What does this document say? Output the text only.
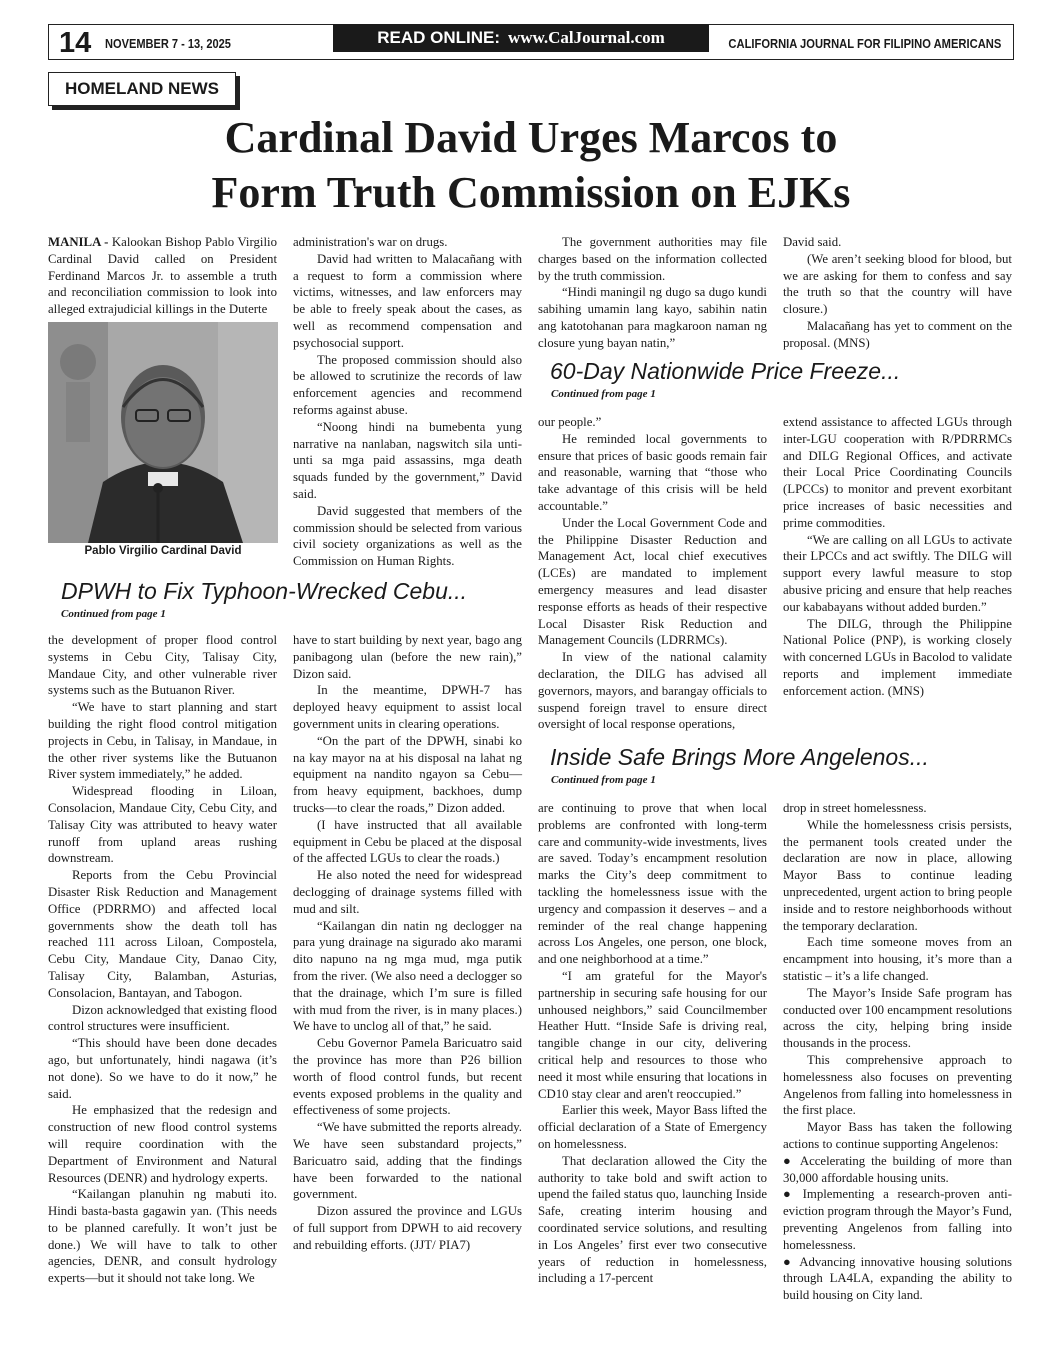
14 NOVEMBER 7 - 13, 2025	READ ONLINE: www.CalJournal.com	CALIFORNIA JOURNAL FOR FILIPINO AMERICANS
HOMELAND NEWS
Cardinal David Urges Marcos to
Form Truth Commission on EJKs

MANILA - Kalookan Bishop Pablo Virgilio Cardinal David called on President Ferdinand Marcos Jr. to assemble a truth and reconciliation commission to look into alleged extrajudicial killings in the Duterte

Pablo Virgilio Cardinal David

administration's war on drugs.

David had written to Malacañang with a request to form a commission where victims, witnesses, and law enforcers may be able to freely speak about the cases, as well as recommend compensation and psychosocial support.

The proposed commission should also be allowed to scrutinize the records of law enforcement agencies and recommend reforms against abuse.

“Noong hindi na bumebenta yung narrative na nanlaban, nagswitch sila unti-unti sa mga paid assassins, mga death squads funded by the government,” David said.

David suggested that members of the commission should be selected from various civil society organizations as well as the Commission on Human Rights.

The government authorities may file charges based on the information collected by the truth commission.

“Hindi maningil ng dugo sa dugo kundi sabihing umamin lang kayo, sabihin natin ang katotohanan para magkaroon naman ng closure yung bayan natin,”

David said.

(We aren’t seeking blood for blood, but we are asking for them to confess and say the truth so that the country will have closure.)

Malacañang has yet to comment on the proposal. (MNS)

60-Day Nationwide Price Freeze...
Continued from page 1

our people.”

He reminded local governments to ensure that prices of basic goods remain fair and reasonable, warning that “those who take advantage of this crisis will be held accountable.”

Under the Local Government Code and the Philippine Disaster Reduction and Management Act, local chief executives (LCEs) are mandated to implement emergency measures and lead disaster response efforts as heads of their respective Local Disaster Risk Reduction and Management Councils (LDRRMCs).

In view of the national calamity declaration, the DILG has advised all governors, mayors, and barangay officials to suspend foreign travel to ensure direct oversight of local response operations,

extend assistance to affected LGUs through inter-LGU cooperation with R/PDRRMCs and DILG Regional Offices, and activate their Local Price Coordinating Councils (LPCCs) to monitor and prevent exorbitant price increases of basic necessities and prime commodities.

“We are calling on all LGUs to activate their LPCCs and act swiftly. The DILG will support every lawful measure to stop abusive pricing and ensure that help reaches our kababayans without added burden.”

The DILG, through the Philippine National Police (PNP), is working closely with concerned LGUs in Bacolod to validate reports and implement immediate enforcement action. (MNS)

DPWH to Fix Typhoon-Wrecked Cebu...
Continued from page 1

the development of proper flood control systems in Cebu City, Talisay City, Mandaue City, and other vulnerable river systems such as the Butuanon River.

“We have to start planning and start building the right flood control mitigation projects in Cebu, in Talisay, in Mandaue, in the other river systems like the Butuanon River system immediately,” he added.

Widespread flooding in Liloan, Consolacion, Mandaue City, Cebu City, and Talisay City was attributed to heavy water runoff from upland areas rushing downstream.

Reports from the Cebu Provincial Disaster Risk Reduction and Management Office (PDRRMO) and affected local governments show the death toll has reached 111 across Liloan, Compostela, Cebu City, Mandaue City, Danao City, Talisay City, Balamban, Asturias, Consolacion, Bantayan, and Tabogon.

Dizon acknowledged that existing flood control structures were insufficient.

“This should have been done decades ago, but unfortunately, hindi nagawa (it’s not done). So we have to do it now,” he said.

He emphasized that the redesign and construction of new flood control systems will require coordination with the Department of Environment and Natural Resources (DENR) and hydrology experts.

“Kailangan planuhin ng mabuti ito. Hindi basta-basta gagawin yan. (This needs to be planned carefully. It won’t just be done.) We will have to talk to other agencies, DENR, and consult hydrology experts—but it should not take long. We

have to start building by next year, bago ang panibagong ulan (before the new rain),” Dizon said.

In the meantime, DPWH-7 has deployed heavy equipment to assist local government units in clearing operations.

“On the part of the DPWH, sinabi ko na kay mayor na at his disposal na lahat ng equipment na nandito ngayon sa Cebu—from heavy equipment, backhoes, dump trucks—to clear the roads,” Dizon added.

(I have instructed that all available equipment in Cebu be placed at the disposal of the affected LGUs to clear the roads.)

He also noted the need for widespread declogging of drainage systems filled with mud and silt.

“Kailangan din natin ng declogger na para yung drainage na sigurado ako marami dito napuno na ng mga mud, mga putik from the river. (We also need a declogger so that the drainage, which I’m sure is filled with mud from the river, is in many places.) We have to unclog all of that,” he said.

Cebu Governor Pamela Baricuatro said the province has more than P26 billion worth of flood control funds, but recent events exposed problems in the quality and effectiveness of some projects.

“We have submitted the reports already. We have seen substandard projects,” Baricuatro said, adding that the findings have been forwarded to the national government.

Dizon assured the province and LGUs of full support from DPWH to aid recovery and rebuilding efforts. (JJT/ PIA7)

Inside Safe Brings More Angelenos...
Continued from page 1

are continuing to prove that when local problems are confronted with long-term care and community-wide investments, lives are saved. Today’s encampment resolution marks the City’s deep commitment to tackling the homelessness issue with the urgency and compassion it deserves – and a reminder of the real change happening across Los Angeles, one person, one block, and one neighborhood at a time.”

“I am grateful for the Mayor's partnership in securing safe housing for our unhoused neighbors,” said Councilmember Heather Hutt. “Inside Safe is driving real, tangible change in our city, delivering critical help and resources to those who need it most while ensuring that locations in CD10 stay clear and aren't reoccupied.”

Earlier this week, Mayor Bass lifted the official declaration of a State of Emergency on homelessness.

That declaration allowed the City the authority to take bold and swift action to upend the failed status quo, launching Inside Safe, creating interim housing and coordinated service solutions, and resulting in Los Angeles’ first ever two consecutive years of reduction in homelessness, including a 17-percent

drop in street homelessness.

While the homelessness crisis persists, the permanent tools created under the declaration are now in place, allowing Mayor Bass to continue leading unprecedented, urgent action to bring people inside and to restore neighborhoods without the temporary declaration.

Each time someone moves from an encampment into housing, it’s more than a statistic – it’s a life changed.

The Mayor’s Inside Safe program has conducted over 100 encampment resolutions across the city, helping bring inside thousands in the process.

This comprehensive approach to homelessness also focuses on preventing Angelenos from falling into homelessness in the first place.

Mayor Bass has taken the following actions to continue supporting Angelenos:

● Accelerating the building of more than 30,000 affordable housing units.

● Implementing a research-proven anti-eviction program through the Mayor’s Fund, preventing Angelenos from falling into homelessness.

● Advancing innovative housing solutions through LA4LA, expanding the ability to build housing on City land.
